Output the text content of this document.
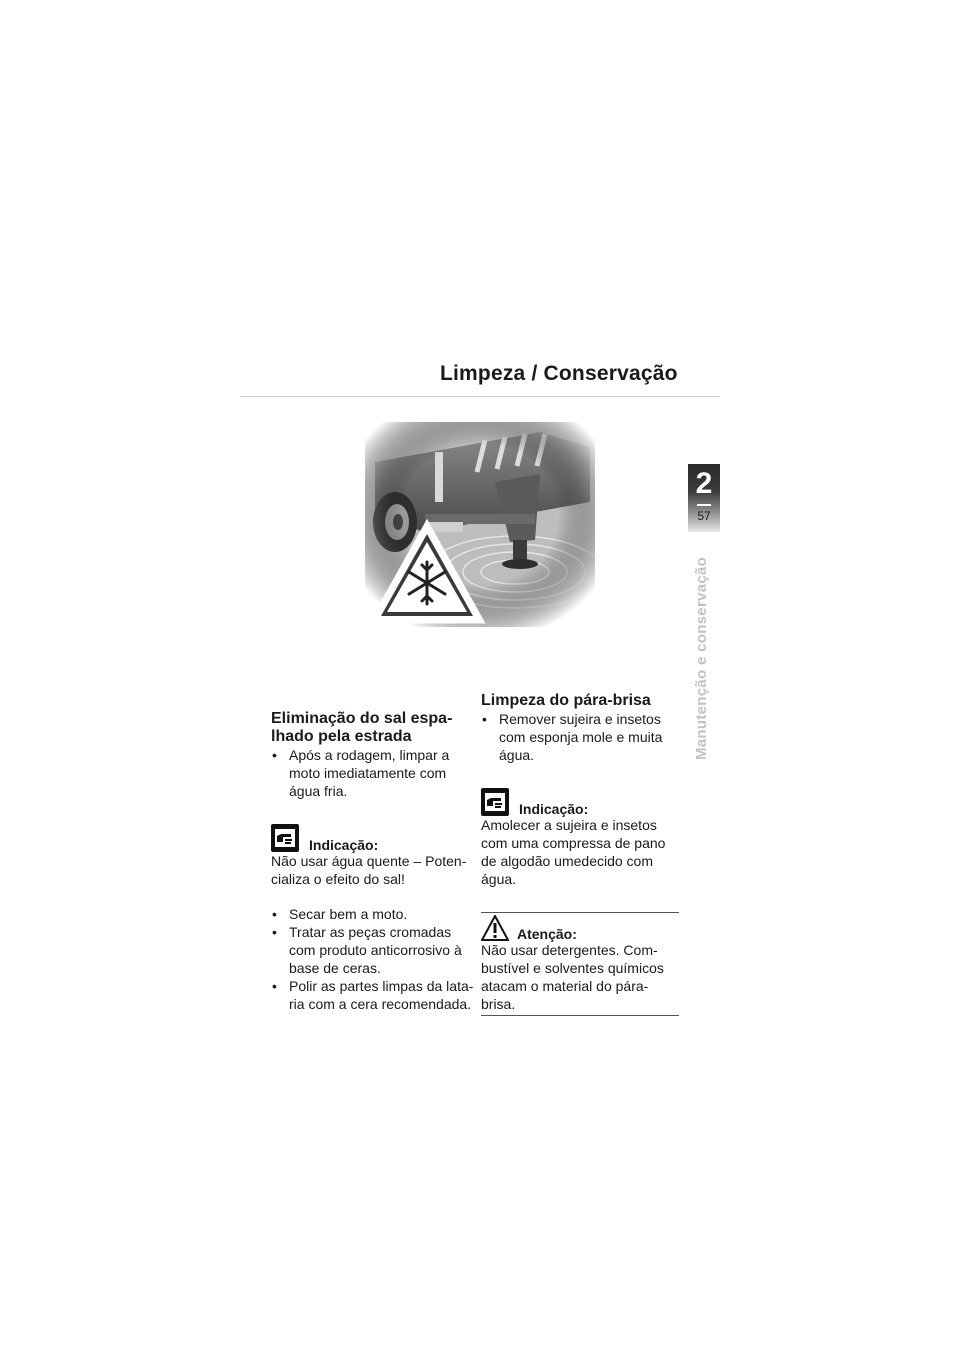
Limpeza / Conservação
2
57
Manutenção e conservação
Eliminação do sal espa-
lhado pela estrada
• Após a rodagem, limpar a moto imediatamente com água fria.
Indicação:

Não usar água quente – Poten-cializa o efeito do sal!

• Secar bem a moto.
• Tratar as peças cromadas com produto anticorrosivo à base de ceras.
• Polir as partes limpas da lata-ria com a cera recomendada.
Limpeza do pára-brisa
• Remover sujeira e insetos com esponja mole e muita água.
Indicação:

Amolecer a sujeira e insetos com uma compressa de pano de algodão umedecido com água.

Atenção:

Não usar detergentes. Com-bustível e solventes químicos atacam o material do pára-brisa.
